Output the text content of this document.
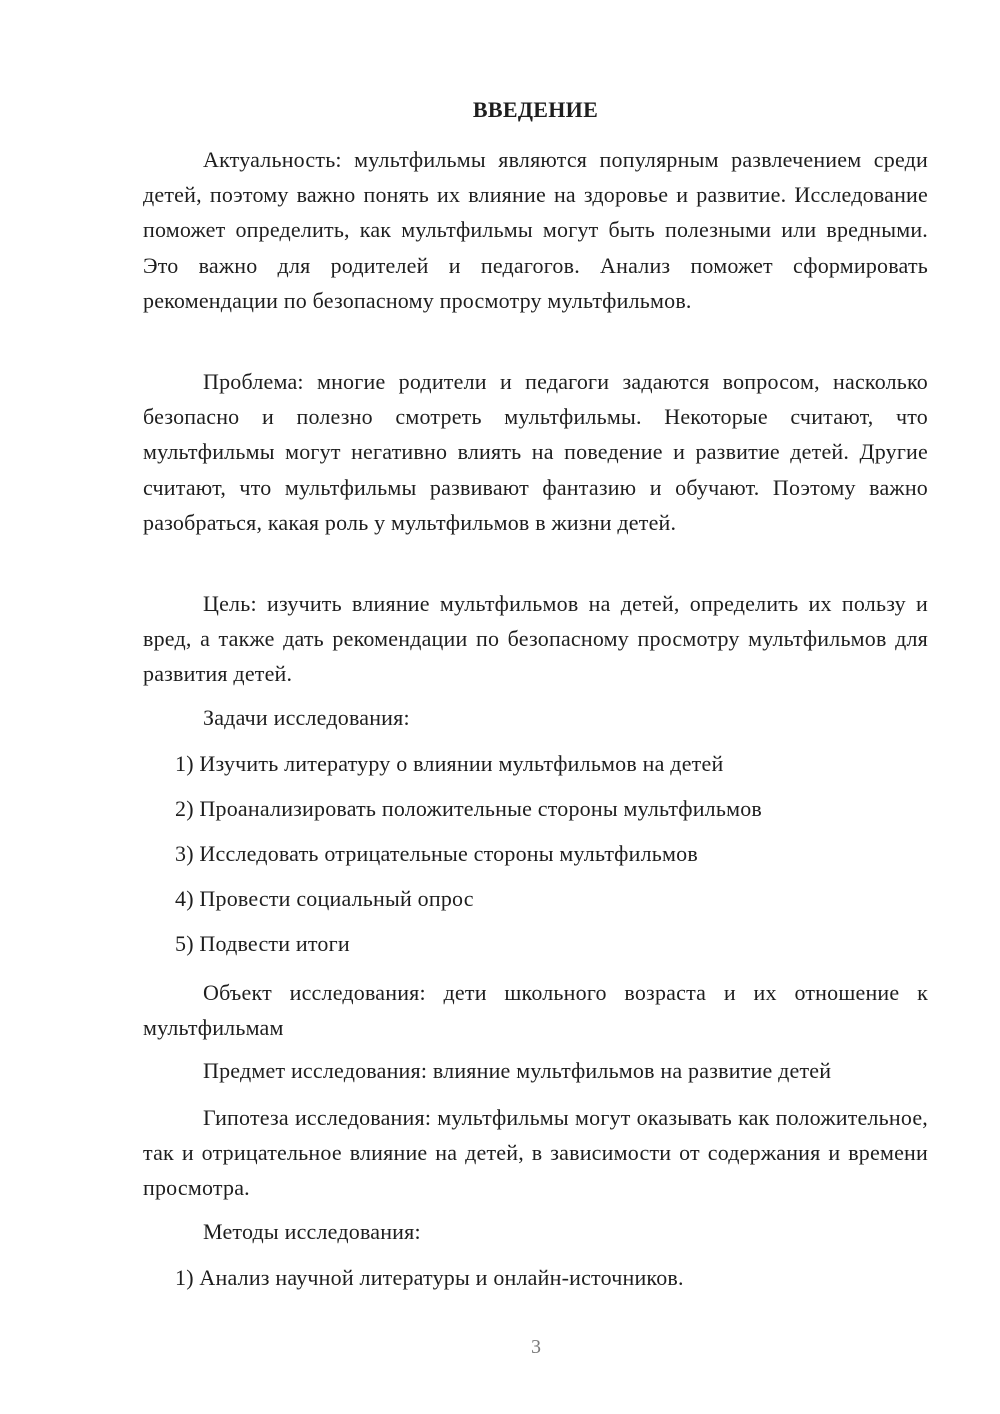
ВВЕДЕНИЕ

Актуальность: мультфильмы являются популярным развлечением среди детей, поэтому важно понять их влияние на здоровье и развитие. Исследование поможет определить, как мультфильмы могут быть полезными или вредными. Это важно для родителей и педагогов. Анализ поможет сформировать рекомендации по безопасному просмотру мультфильмов.

Проблема: многие родители и педагоги задаются вопросом, насколько безопасно и полезно смотреть мультфильмы. Некоторые считают, что мультфильмы могут негативно влиять на поведение и развитие детей. Другие считают, что мультфильмы развивают фантазию и обучают. Поэтому важно разобраться, какая роль у мультфильмов в жизни детей.

Цель: изучить влияние мультфильмов на детей, определить их пользу и вред, а также дать рекомендации по безопасному просмотру мультфильмов для развития детей.

Задачи исследования:

1) Изучить литературу о влиянии мультфильмов на детей

2) Проанализировать положительные стороны мультфильмов

3) Исследовать отрицательные стороны мультфильмов

4) Провести социальный опрос

5) Подвести итоги

Объект исследования: дети школьного возраста и их отношение к мультфильмам

Предмет исследования: влияние мультфильмов на развитие детей

Гипотеза исследования: мультфильмы могут оказывать как положительное, так и отрицательное влияние на детей, в зависимости от содержания и времени просмотра.

Методы исследования:

1) Анализ научной литературы и онлайн-источников.

3
